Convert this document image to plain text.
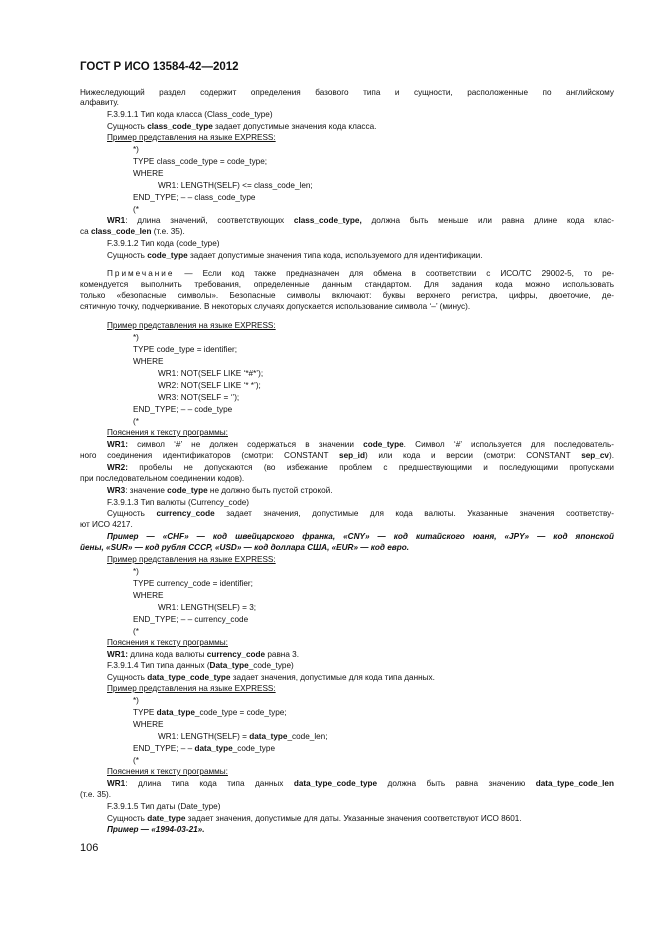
ГОСТ Р ИСО 13584-42—2012
Нижеследующий раздел содержит определения базового типа и сущности, расположенные по английскому
алфавиту.
F.3.9.1.1 Тип кода класса (Class_code_type)
Сущность class_code_type задает допустимые значения кода класса.
Пример представления на языке EXPRESS:
*)
TYPE class_code_type = code_type;
WHERE
WR1: LENGTH(SELF) <= class_code_len;
END_TYPE; – – class_code_type
(*
WR1: длина значений, соответствующих class_code_type, должна быть меньше или равна длине кода клас-
са class_code_len (т.е. 35).
F.3.9.1.2 Тип кода (code_type)
Сущность code_type задает допустимые значения типа кода, используемого для идентификации.
Примечание — Если код также предназначен для обмена в соответствии с ИСО/ТС 29002-5, то ре-
комендуется выполнить требования, определенные данным стандартом. Для задания кода можно использовать
только «безопасные символы». Безопасные символы включают: буквы верхнего регистра, цифры, двоеточие, де-
сятичную точку, подчеркивание. В некоторых случаях допускается использование символа ‘–’ (минус).
Пример представления на языке EXPRESS:
*)
TYPE code_type = identifier;
WHERE
WR1: NOT(SELF LIKE ‘*#*’);
WR2: NOT(SELF LIKE ‘* *’);
WR3: NOT(SELF = ‘’);
END_TYPE; – – code_type
(*
Пояснения к тексту программы:
WR1: символ ‘#’ не должен содержаться в значении code_type. Символ ‘#’ используется для последователь-
ного соединения идентификаторов (смотри: CONSTANT sep_id) или кода и версии (смотри: CONSTANT sep_cv).
WR2: пробелы не допускаются (во избежание проблем с предшествующими и последующими пропусками
при последовательном соединении кодов).
WR3: значение code_type не должно быть пустой строкой.
F.3.9.1.3 Тип валюты (Currency_code)
Сущность currency_code задает значения, допустимые для кода валюты. Указанные значения соответству-
ют ИСО 4217.
Пример — «CHF» — код швейцарского франка, «CNY» — код китайского юаня, «JPY» — код японской
йены, «SUR» — код рубля СССР, «USD» — код доллара США, «EUR» — код евро.
Пример представления на языке EXPRESS:
*)
TYPE currency_code = identifier;
WHERE
WR1: LENGTH(SELF) = 3;
END_TYPE; – – currency_code
(*
Пояснения к тексту программы:
WR1: длина кода валюты currency_code равна 3.
F.3.9.1.4 Тип типа данных (Data_type_code_type)
Сущность data_type_code_type задает значения, допустимые для кода типа данных.
Пример представления на языке EXPRESS:
*)
TYPE data_type_code_type = code_type;
WHERE
WR1: LENGTH(SELF) = data_type_code_len;
END_TYPE; – – data_type_code_type
(*
Пояснения к тексту программы:
WR1: длина типа кода типа данных data_type_code_type должна быть равна значению data_type_code_len
(т.е. 35).
F.3.9.1.5 Тип даты (Date_type)
Сущность date_type задает значения, допустимые для даты. Указанные значения соответствуют ИСО 8601.
Пример — «1994-03-21».
106
